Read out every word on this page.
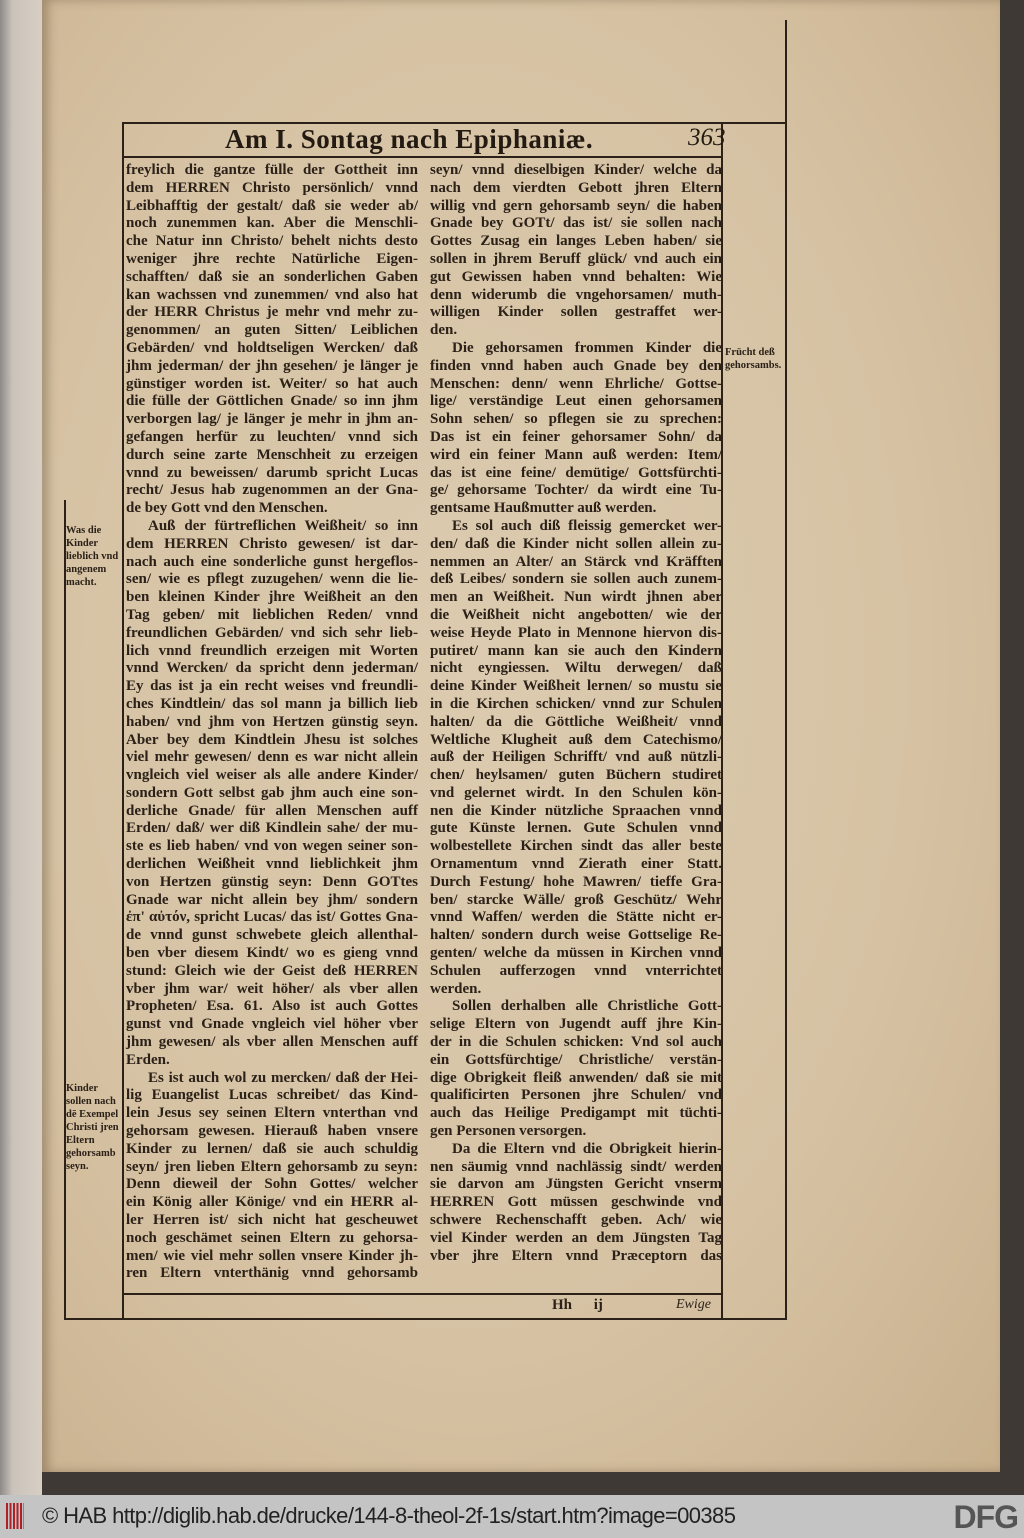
Am I. Sontag nach Epiphaniæ.	363
freylich die gantze fülle der Gottheit inn
dem HERREN Christo persönlich/ vnnd
Leibhafftig der gestalt/ daß sie weder ab/
noch zunemmen kan. Aber die Menschli-
che Natur inn Christo/ behelt nichts desto
weniger jhre rechte Natürliche Eigen-
schafften/ daß sie an sonderlichen Gaben
kan wachssen vnd zunemmen/ vnd also hat
der HERR Christus je mehr vnd mehr zu-
genommen/ an guten Sitten/ Leiblichen
Gebärden/ vnd holdtseligen Wercken/ daß
jhm jederman/ der jhn gesehen/ je länger je
günstiger worden ist. Weiter/ so hat auch
die fülle der Göttlichen Gnade/ so inn jhm
verborgen lag/ je länger je mehr in jhm an-
gefangen herfür zu leuchten/ vnnd sich
durch seine zarte Menschheit zu erzeigen
vnnd zu beweissen/ darumb spricht Lucas
recht/ Jesus hab zugenommen an der Gna-
de bey Gott vnd den Menschen.
Auß der fürtreflichen Weißheit/ so inn
dem HERREN Christo gewesen/ ist dar-
nach auch eine sonderliche gunst hergeflos-
sen/ wie es pflegt zuzugehen/ wenn die lie-
ben kleinen Kinder jhre Weißheit an den
Tag geben/ mit lieblichen Reden/ vnnd
freundlichen Gebärden/ vnd sich sehr lieb-
lich vnnd freundlich erzeigen mit Worten
vnnd Wercken/ da spricht denn jederman/
Ey das ist ja ein recht weises vnd freundli-
ches Kindtlein/ das sol mann ja billich lieb
haben/ vnd jhm von Hertzen günstig seyn.
Aber bey dem Kindtlein Jhesu ist solches
viel mehr gewesen/ denn es war nicht allein
vngleich viel weiser als alle andere Kinder/
sondern Gott selbst gab jhm auch eine son-
derliche Gnade/ für allen Menschen auff
Erden/ daß/ wer diß Kindlein sahe/ der mu-
ste es lieb haben/ vnd von wegen seiner son-
derlichen Weißheit vnnd lieblichkeit jhm
von Hertzen günstig seyn: Denn GOTtes
Gnade war nicht allein bey jhm/ sondern
ἐπ' αὐτόν, spricht Lucas/ das ist/ Gottes Gna-
de vnnd gunst schwebete gleich allenthal-
ben vber diesem Kindt/ wo es gieng vnnd
stund: Gleich wie der Geist deß HERREN
vber jhm war/ weit höher/ als vber allen
Propheten/ Esa. 61. Also ist auch Gottes
gunst vnd Gnade vngleich viel höher vber
jhm gewesen/ als vber allen Menschen auff
Erden.
Es ist auch wol zu mercken/ daß der Hei-
lig Euangelist Lucas schreibet/ das Kind-
lein Jesus sey seinen Eltern vnterthan vnd
gehorsam gewesen. Hierauß haben vnsere
Kinder zu lernen/ daß sie auch schuldig
seyn/ jren lieben Eltern gehorsamb zu seyn:
Denn dieweil der Sohn Gottes/ welcher
ein König aller Könige/ vnd ein HERR al-
ler Herren ist/ sich nicht hat gescheuwet
noch geschämet seinen Eltern zu gehorsa-
men/ wie viel mehr sollen vnsere Kinder jh-
ren Eltern vnterthänig vnnd gehorsamb
seyn/ vnnd dieselbigen Kinder/ welche da
nach dem vierdten Gebott jhren Eltern
willig vnd gern gehorsamb seyn/ die haben
Gnade bey GOTt/ das ist/ sie sollen nach
Gottes Zusag ein langes Leben haben/ sie
sollen in jhrem Beruff glück/ vnd auch ein
gut Gewissen haben vnnd behalten: Wie
denn widerumb die vngehorsamen/ muth-
willigen Kinder sollen gestraffet wer-
den.
Die gehorsamen frommen Kinder die
finden vnnd haben auch Gnade bey den
Menschen: denn/ wenn Ehrliche/ Gottse-
lige/ verständige Leut einen gehorsamen
Sohn sehen/ so pflegen sie zu sprechen:
Das ist ein feiner gehorsamer Sohn/ da
wird ein feiner Mann auß werden: Item/
das ist eine feine/ demütige/ Gottsfürchti-
ge/ gehorsame Tochter/ da wirdt eine Tu-
gentsame Haußmutter auß werden.
Es sol auch diß fleissig gemercket wer-
den/ daß die Kinder nicht sollen allein zu-
nemmen an Alter/ an Stärck vnd Kräfften
deß Leibes/ sondern sie sollen auch zunem-
men an Weißheit. Nun wirdt jhnen aber
die Weißheit nicht angebotten/ wie der
weise Heyde Plato in Mennone hiervon dis-
putiret/ mann kan sie auch den Kindern
nicht eyngiessen. Wiltu derwegen/ daß
deine Kinder Weißheit lernen/ so mustu sie
in die Kirchen schicken/ vnnd zur Schulen
halten/ da die Göttliche Weißheit/ vnnd
Weltliche Klugheit auß dem Catechismo/
auß der Heiligen Schrifft/ vnd auß nützli-
chen/ heylsamen/ guten Büchern studiret
vnd gelernet wirdt. In den Schulen kön-
nen die Kinder nützliche Spraachen vnnd
gute Künste lernen. Gute Schulen vnnd
wolbestellete Kirchen sindt das aller beste
Ornamentum vnnd Zierath einer Statt.
Durch Festung/ hohe Mawren/ tieffe Gra-
ben/ starcke Wälle/ groß Geschütz/ Wehr
vnnd Waffen/ werden die Stätte nicht er-
halten/ sondern durch weise Gottselige Re-
genten/ welche da müssen in Kirchen vnnd
Schulen aufferzogen vnnd vnterrichtet
werden.
Sollen derhalben alle Christliche Gott-
selige Eltern von Jugendt auff jhre Kin-
der in die Schulen schicken: Vnd sol auch
ein Gottsfürchtige/ Christliche/ verstän-
dige Obrigkeit fleiß anwenden/ daß sie mit
qualificirten Personen jhre Schulen/ vnd
auch das Heilige Predigampt mit tüchti-
gen Personen versorgen.
Da die Eltern vnd die Obrigkeit hierin-
nen säumig vnnd nachlässig sindt/ werden
sie darvon am Jüngsten Gericht vnserm
HERREN Gott müssen geschwinde vnd
schwere Rechenschafft geben. Ach/ wie
viel Kinder werden an dem Jüngsten Tag
vber jhre Eltern vnnd Præceptorn das
Was die Kinder lieblich vnd angenem macht.
Kinder sollen nach dē Exempel Christi jren Eltern gehorsamb seyn.
Frücht deß gehorsambs.
Hh ij	Ewige
© HAB http://diglib.hab.de/drucke/144-8-theol-2f-1s/start.htm?image=00385	DFG
